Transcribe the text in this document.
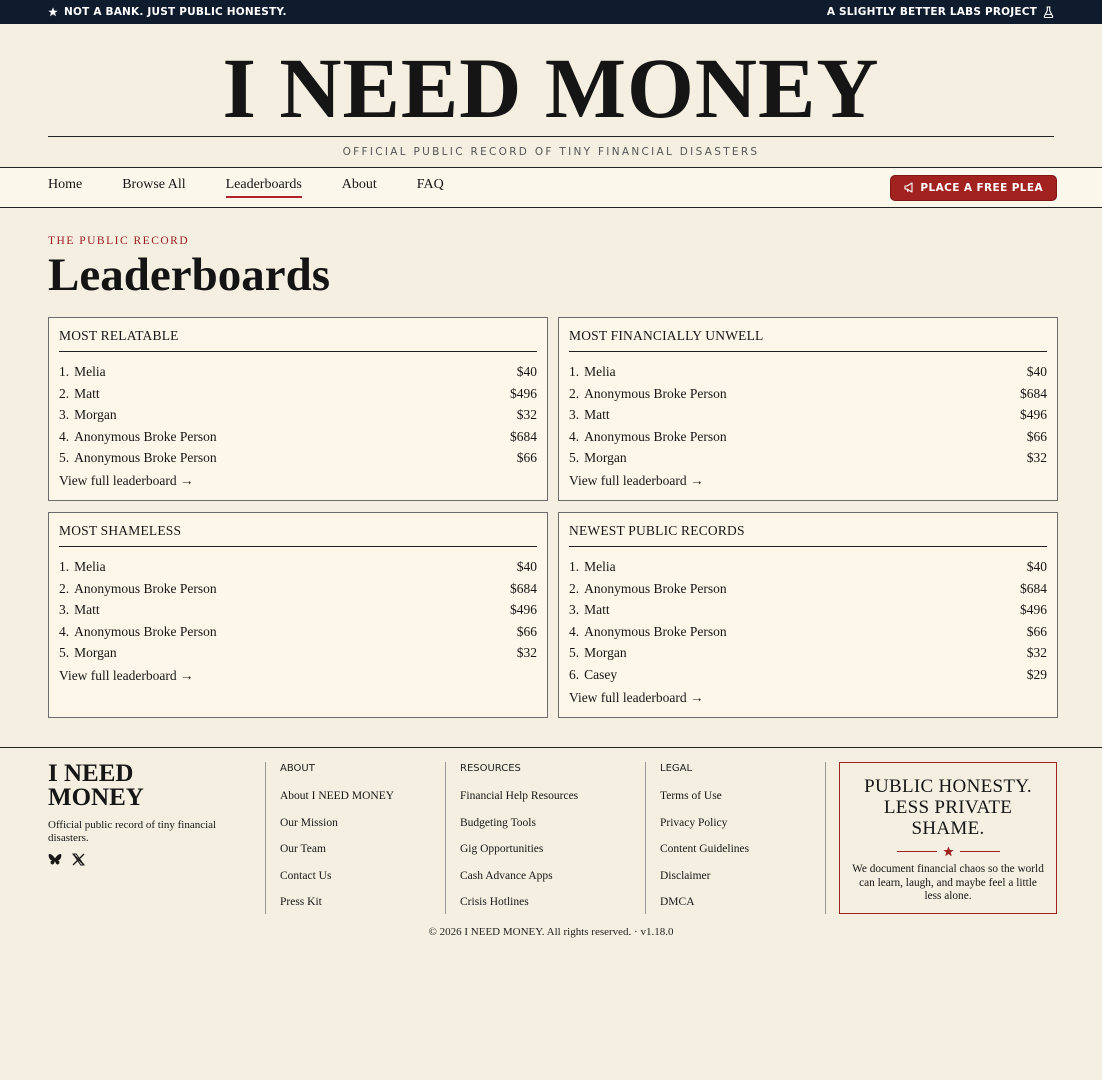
NOT A BANK. JUST PUBLIC HONESTY.	A SLIGHTLY BETTER LABS PROJECT
I NEED MONEY
OFFICIAL PUBLIC RECORD OF TINY FINANCIAL DISASTERS
Home	Browse All	Leaderboards	About	FAQ	PLACE A FREE PLEA
THE PUBLIC RECORD
Leaderboards
MOST RELATABLE
1. Melia	$40
2. Matt	$496
3. Morgan	$32
4. Anonymous Broke Person	$684
5. Anonymous Broke Person	$66
View full leaderboard →
MOST FINANCIALLY UNWELL
1. Melia	$40
2. Anonymous Broke Person	$684
3. Matt	$496
4. Anonymous Broke Person	$66
5. Morgan	$32
View full leaderboard →
MOST SHAMELESS
1. Melia	$40
2. Anonymous Broke Person	$684
3. Matt	$496
4. Anonymous Broke Person	$66
5. Morgan	$32
View full leaderboard →
NEWEST PUBLIC RECORDS
1. Melia	$40
2. Anonymous Broke Person	$684
3. Matt	$496
4. Anonymous Broke Person	$66
5. Morgan	$32
6. Casey	$29
View full leaderboard →
I NEED
MONEY
Official public record of tiny financial disasters.
ABOUT
About I NEED MONEY
Our Mission
Our Team
Contact Us
Press Kit
RESOURCES
Financial Help Resources
Budgeting Tools
Gig Opportunities
Cash Advance Apps
Crisis Hotlines
LEGAL
Terms of Use
Privacy Policy
Content Guidelines
Disclaimer
DMCA
PUBLIC HONESTY.
LESS PRIVATE
SHAME.
We document financial chaos so the world can learn, laugh, and maybe feel a little less alone.
© 2026 I NEED MONEY. All rights reserved. · v1.18.0
